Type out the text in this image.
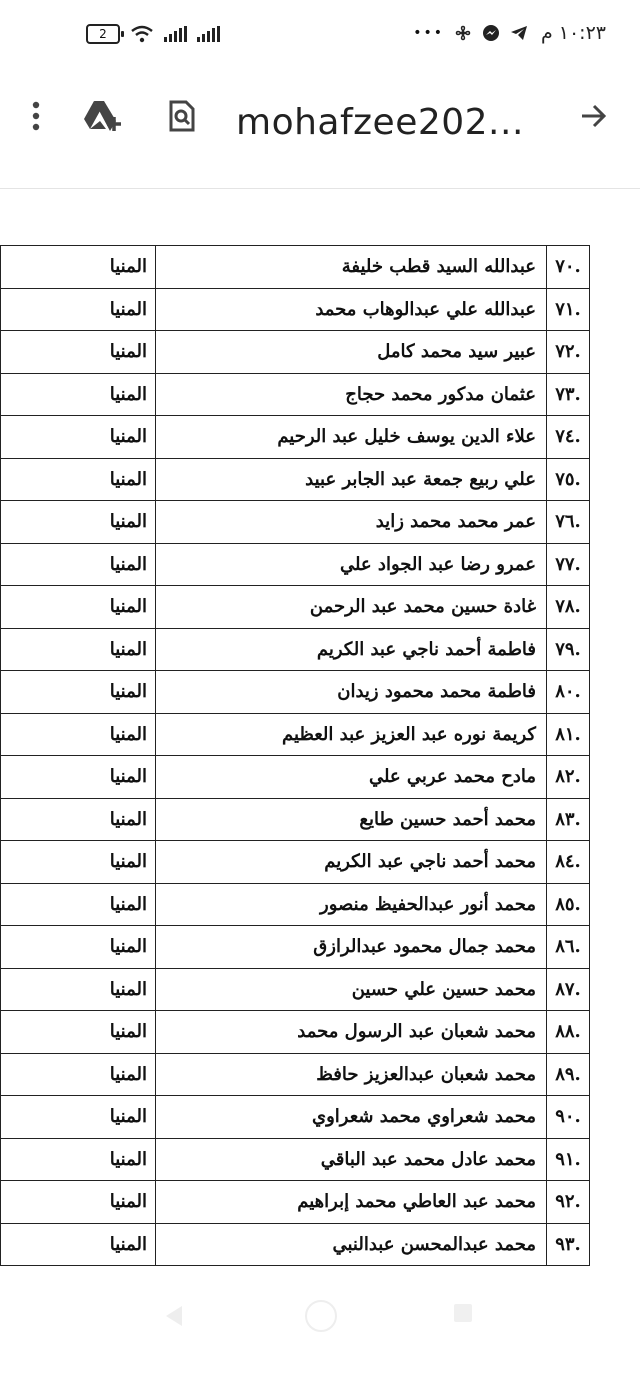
2	•••	١٠:٢٣ م
mohafzee202...
.٧٠	عبدالله السيد قطب خليفة	المنيا
.٧١	عبدالله علي عبدالوهاب محمد	المنيا
.٧٢	عبير سيد محمد كامل	المنيا
.٧٣	عثمان مدكور محمد حجاج	المنيا
.٧٤	علاء الدين يوسف خليل عبد الرحيم	المنيا
.٧٥	علي ربيع جمعة عبد الجابر عبيد	المنيا
.٧٦	عمر محمد محمد زايد	المنيا
.٧٧	عمرو رضا عبد الجواد علي	المنيا
.٧٨	غادة حسين محمد عبد الرحمن	المنيا
.٧٩	فاطمة أحمد ناجي عبد الكريم	المنيا
.٨٠	فاطمة محمد محمود زيدان	المنيا
.٨١	كريمة نوره عبد العزيز عبد العظيم	المنيا
.٨٢	مادح محمد عربي علي	المنيا
.٨٣	محمد أحمد حسين طايع	المنيا
.٨٤	محمد أحمد ناجي عبد الكريم	المنيا
.٨٥	محمد أنور عبدالحفيظ منصور	المنيا
.٨٦	محمد جمال محمود عبدالرازق	المنيا
.٨٧	محمد حسين علي حسين	المنيا
.٨٨	محمد شعبان عبد الرسول محمد	المنيا
.٨٩	محمد شعبان عبدالعزيز حافظ	المنيا
.٩٠	محمد شعراوي محمد شعراوي	المنيا
.٩١	محمد عادل محمد عبد الباقي	المنيا
.٩٢	محمد عبد العاطي محمد إبراهيم	المنيا
.٩٣	محمد عبدالمحسن عبدالنبي	المنيا
